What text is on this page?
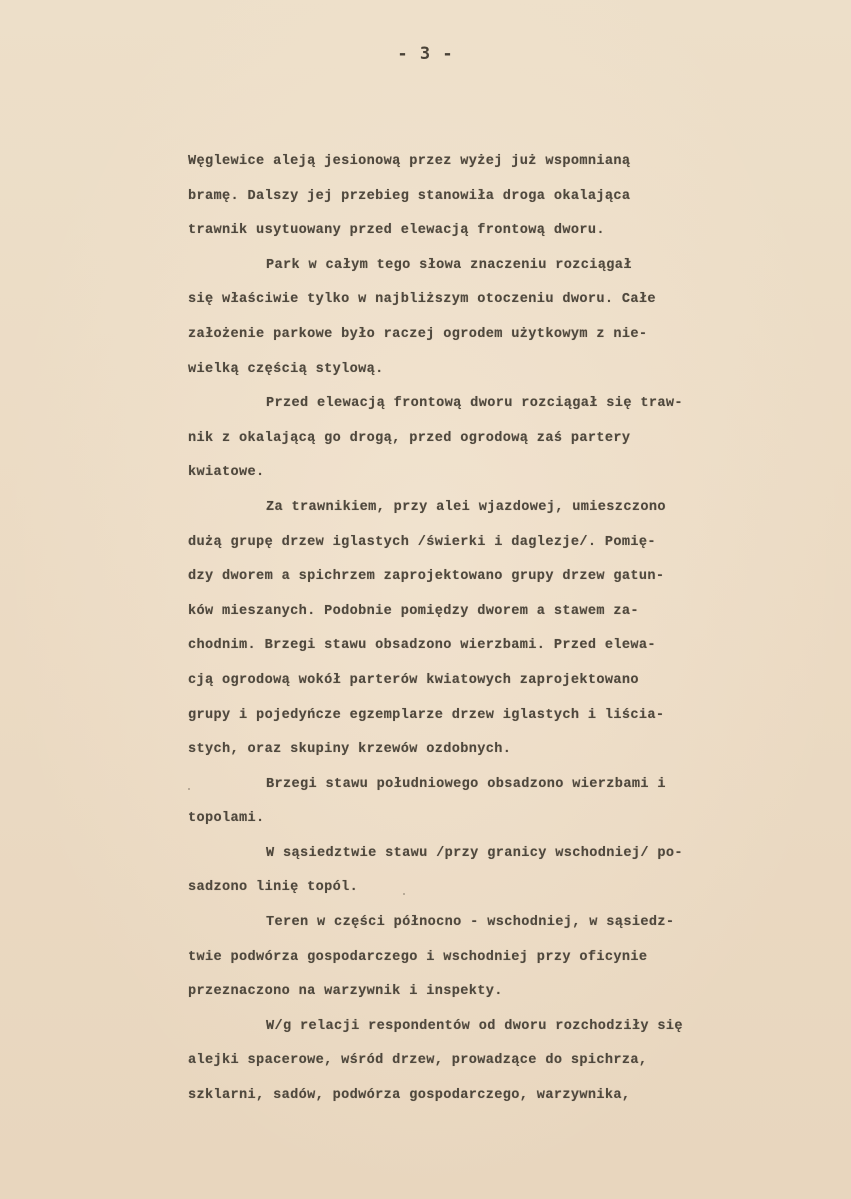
- 3 -
Węglewice aleją jesionową przez wyżej już wspomnianą
bramę. Dalszy jej przebieg stanowiła droga okalająca
trawnik usytuowany przed elewacją frontową dworu.
Park w całym tego słowa znaczeniu rozciągał
się właściwie tylko w najbliższym otoczeniu dworu. Całe
założenie parkowe było raczej ogrodem użytkowym z nie-
wielką częścią stylową.
Przed elewacją frontową dworu rozciągał się traw-
nik z okalającą go drogą, przed ogrodową zaś partery
kwiatowe.
Za trawnikiem, przy alei wjazdowej, umieszczono
dużą grupę drzew iglastych /świerki i daglezje/. Pomię-
dzy dworem a spichrzem zaprojektowano grupy drzew gatun-
ków mieszanych. Podobnie pomiędzy dworem a stawem za-
chodnim. Brzegi stawu obsadzono wierzbami. Przed elewa-
cją ogrodową wokół parterów kwiatowych zaprojektowano
grupy i pojedyńcze egzemplarze drzew iglastych i liścia-
stych, oraz skupiny krzewów ozdobnych.
Brzegi stawu południowego obsadzono wierzbami i
topolami.
W sąsiedztwie stawu /przy granicy wschodniej/ po-
sadzono linię topól.
Teren w części północno - wschodniej, w sąsiedz-
twie podwórza gospodarczego i wschodniej przy oficynie
przeznaczono na warzywnik i inspekty.
W/g relacji respondentów od dworu rozchodziły się
alejki spacerowe, wśród drzew, prowadzące do spichrza,
szklarni, sadów, podwórza gospodarczego, warzywnika,
